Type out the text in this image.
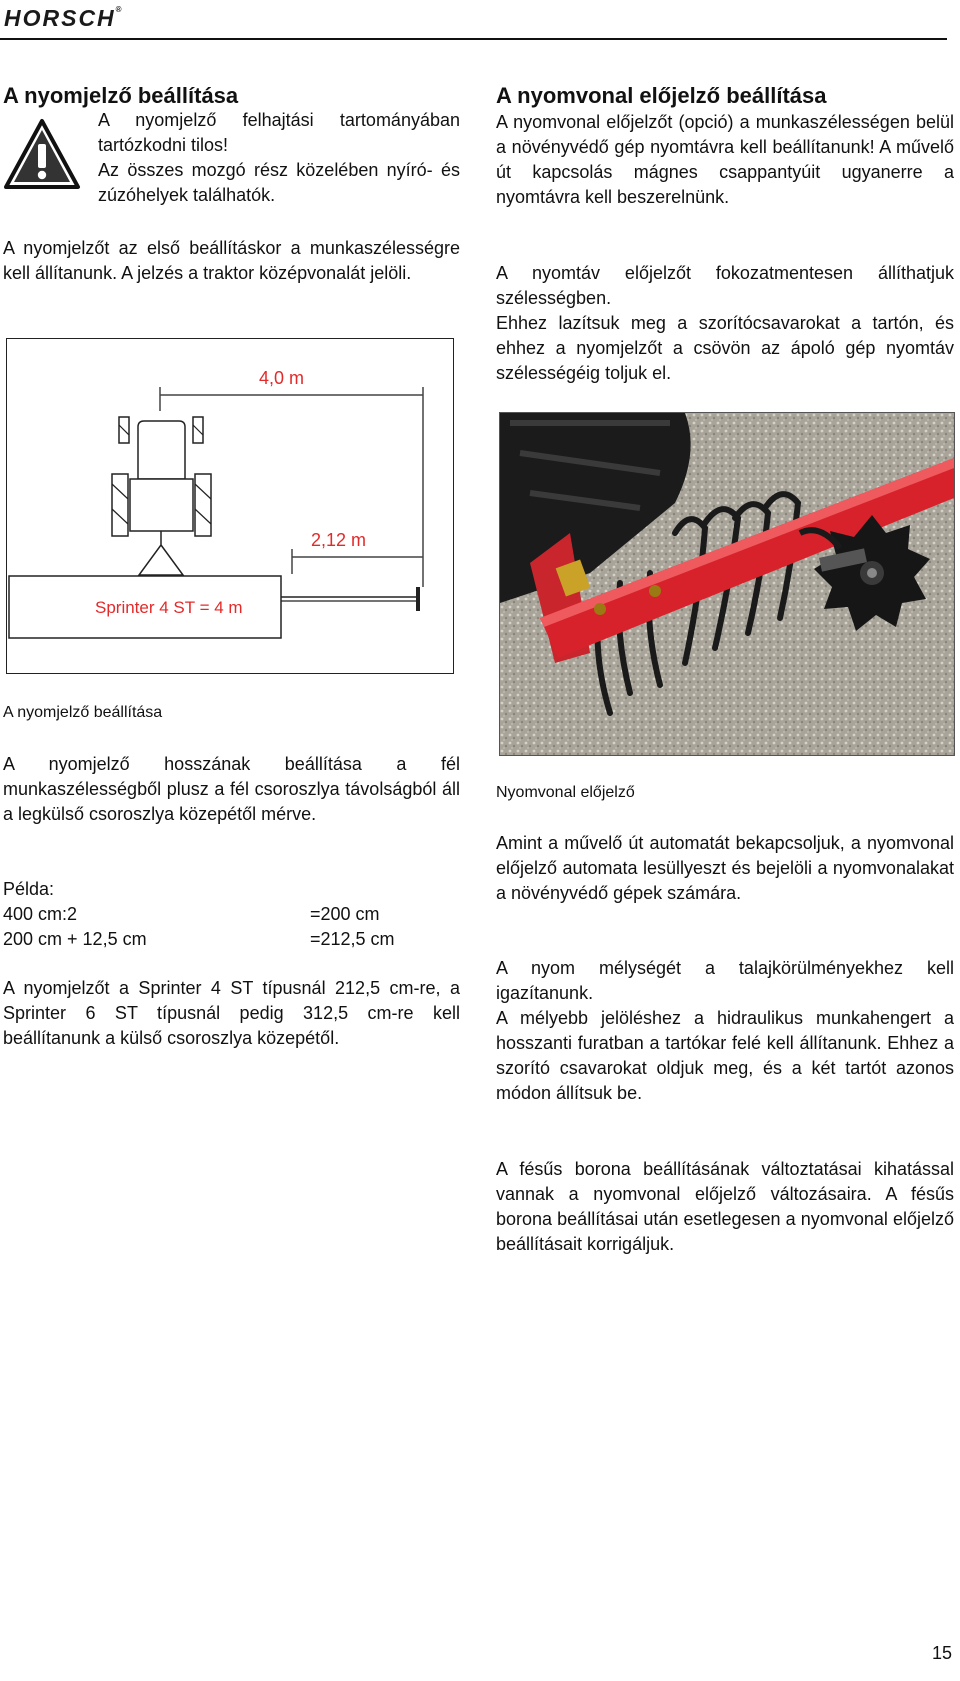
HORSCH®
A nyomjelző beállítása

A nyomjelző felhajtási tartományában tartózkodni tilos!

Az összes mozgó rész közelében nyíró- és zúzóhelyek találhatók.

A nyomjelzőt az első beállításkor a munkaszélességre kell állítanunk. A jelzés a traktor középvonalát jelöli.

4,0 m
2,12 m
Sprinter 4 ST = 4 m
A nyomjelző beállítása

A nyomjelző hosszának beállítása a fél munkaszélességből plusz a fél csoroszlya távolságból áll a legkülső csoroszlya közepétől mérve.

Példa:

400 cm:2	=200 cm
200 cm + 12,5 cm	=212,5 cm

A nyomjelzőt a Sprinter 4 ST típusnál 212,5 cm-re, a Sprinter 6 ST típusnál pedig 312,5 cm-re kell beállítanunk a külső csoroszlya közepétől.

A nyomvonal előjelző beállítása

A nyomvonal előjelzőt (opció) a munkaszélességen belül a növényvédő gép nyomtávra kell beállítanunk! A művelő út kapcsolás mágnes csappantyúit ugyanerre a nyomtávra kell beszerelnünk.

A nyomtáv előjelzőt fokozatmentesen állíthatjuk szélességben.

Ehhez lazítsuk meg a szorítócsavarokat a tartón, és ehhez a nyomjelzőt a csövön az ápoló gép nyomtáv szélességéig toljuk el.

Nyomvonal előjelző

Amint a művelő út automatát bekapcsoljuk, a nyomvonal előjelző automata lesüllyeszt és bejelöli a nyomvonalakat a növényvédő gépek számára.

A nyom mélységét a talajkörülményekhez kell igazítanunk.

A mélyebb jelöléshez a hidraulikus munkahengert a hosszanti furatban a tartókar felé kell állítanunk. Ehhez a szorító csavarokat oldjuk meg, és a két tartót azonos módon állítsuk be.

A fésűs borona beállításának változtatásai kihatással vannak a nyomvonal előjelző változásaira. A fésűs borona beállításai után esetlegesen a nyomvonal előjelző beállításait korrigáljuk.

15
